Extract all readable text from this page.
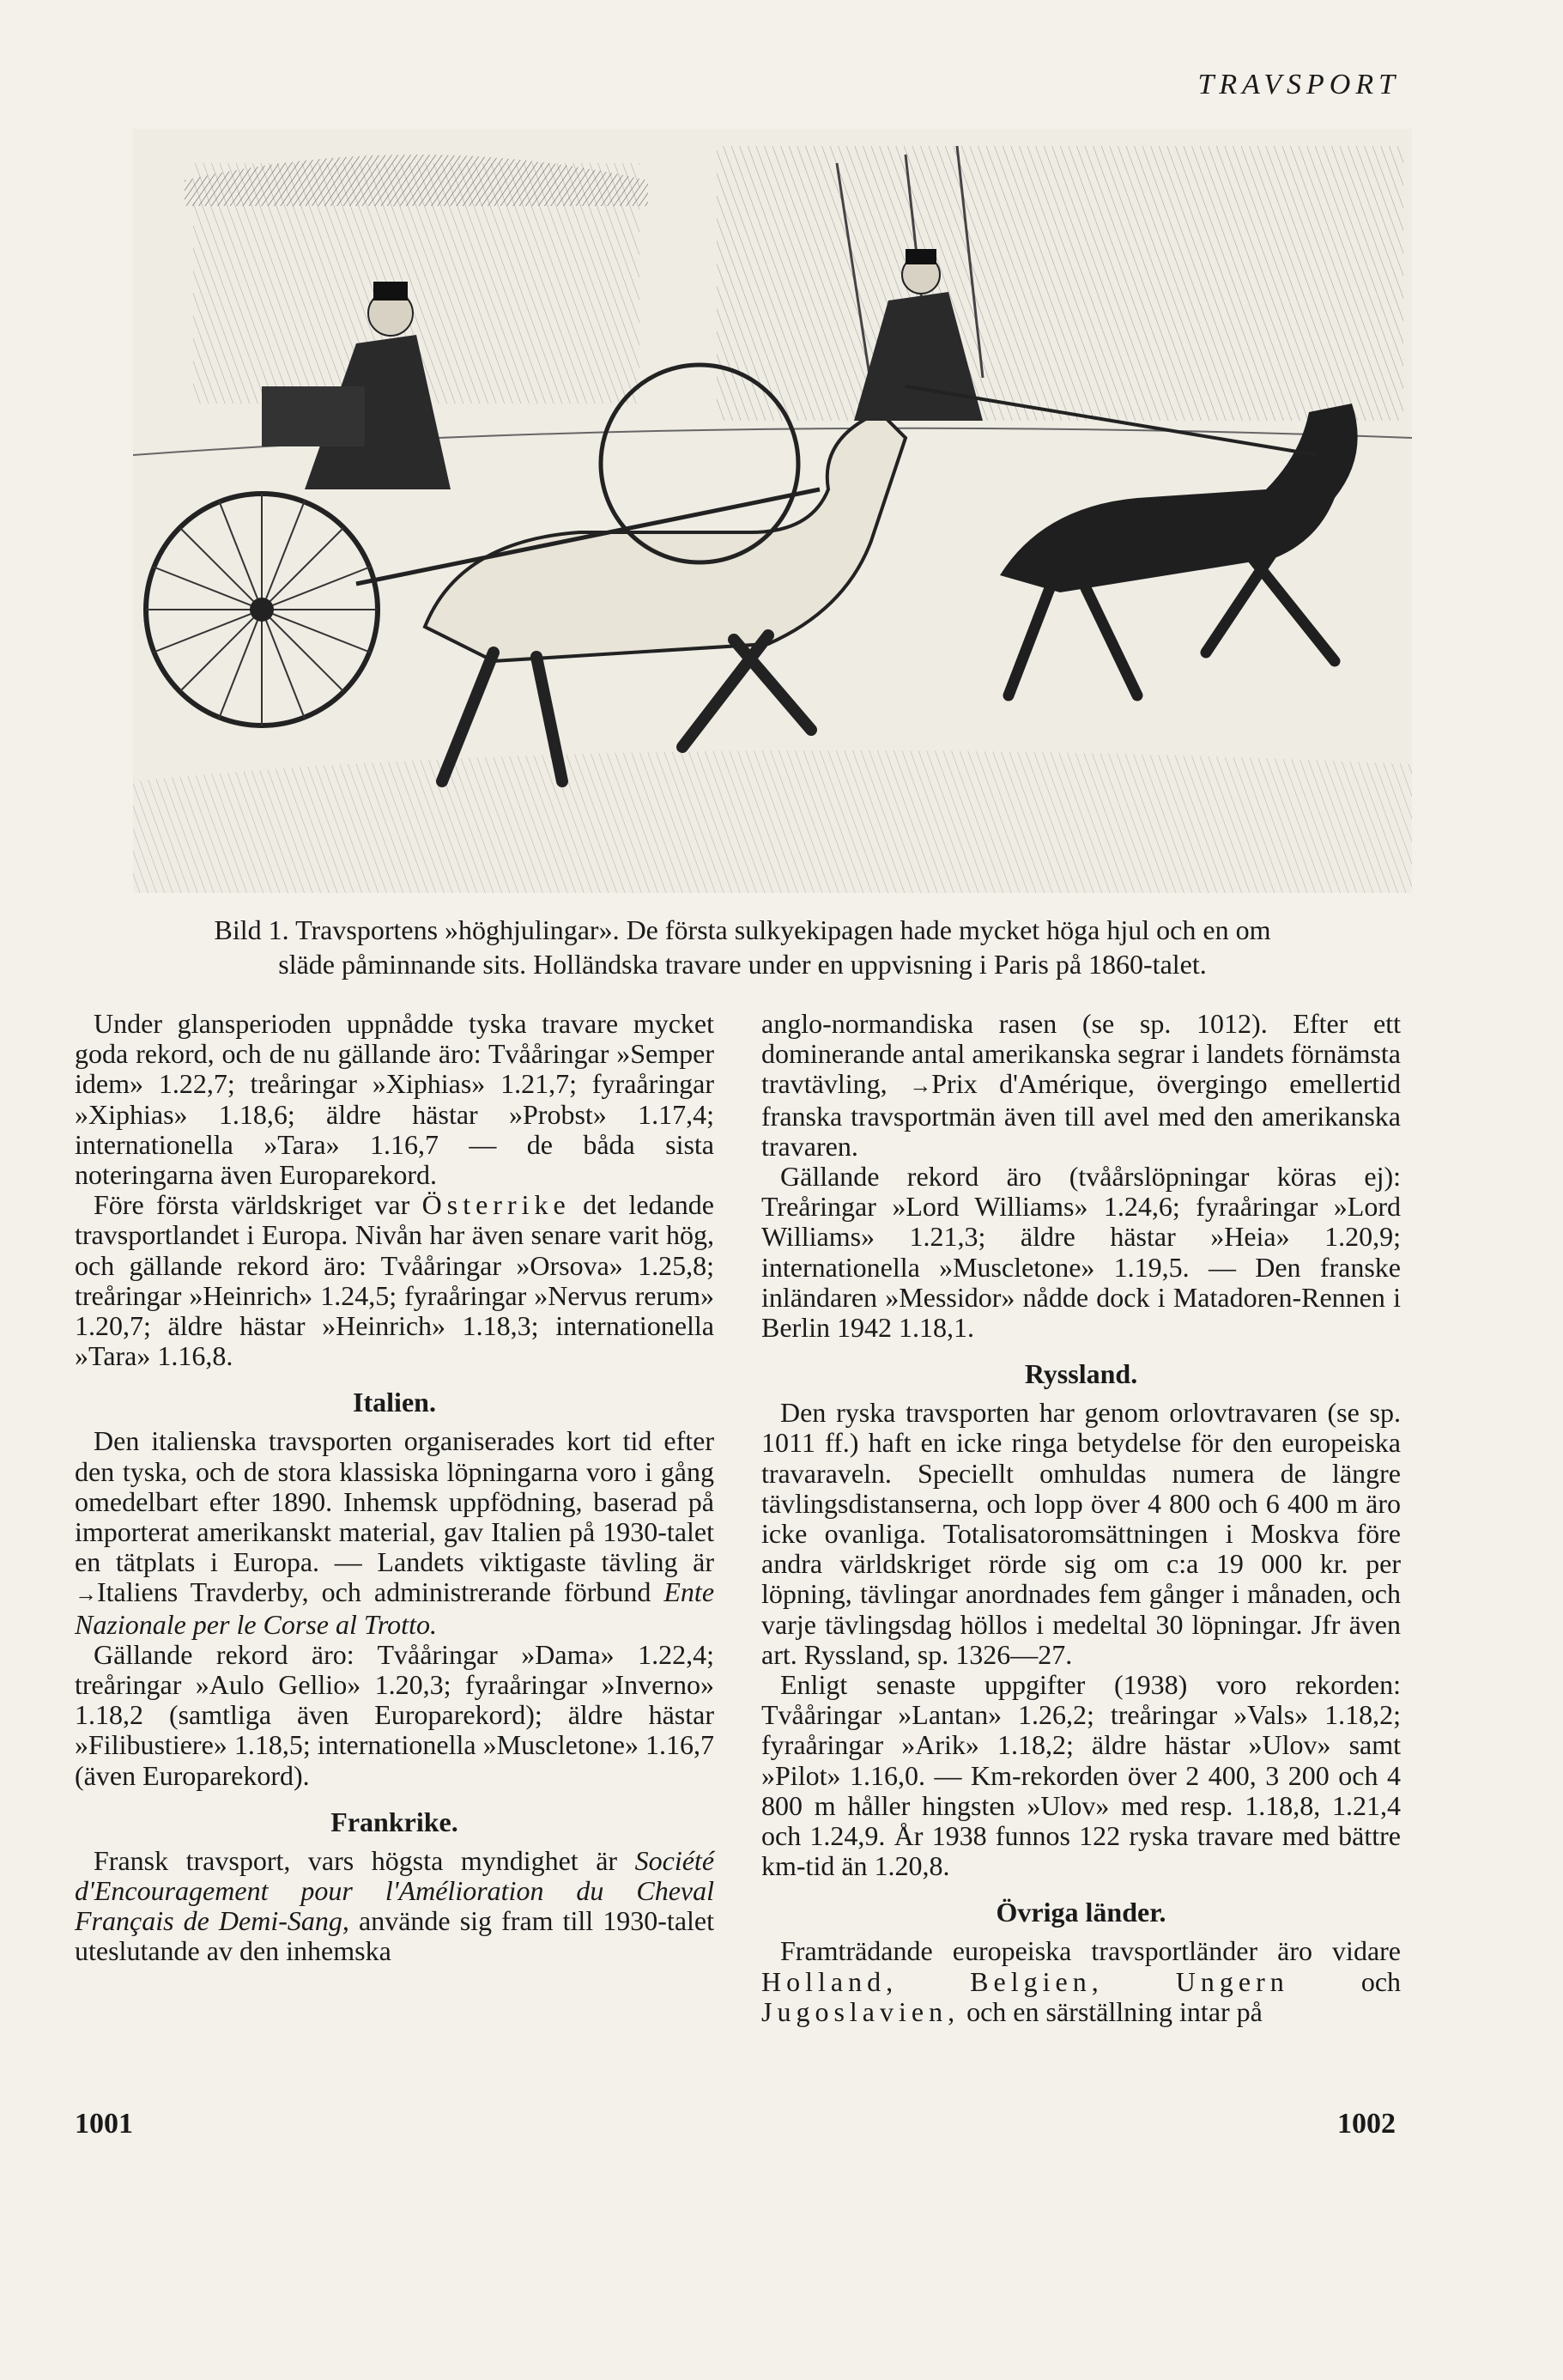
TRAVSPORT
Bild 1. Travsportens »höghjulingar». De första sulkyekipagen hade mycket höga hjul och en om
släde påminnande sits. Holländska travare under en uppvisning i Paris på 1860-talet.

Under glansperioden uppnådde tyska travare mycket goda rekord, och de nu gällande äro: Tvååringar »Semper idem» 1.22,7; treåringar »Xiphias» 1.21,7; fyraåringar »Xiphias» 1.18,6; äldre hästar »Probst» 1.17,4; internationella »Tara» 1.16,7 — de båda sista noteringarna även Europarekord.

Före första världskriget var Österrike det ledande travsportlandet i Europa. Nivån har även senare varit hög, och gällande rekord äro: Tvååringar »Orsova» 1.25,8; treåringar »Heinrich» 1.24,5; fyraåringar »Nervus rerum» 1.20,7; äldre hästar »Heinrich» 1.18,3; internationella »Tara» 1.16,8.

Italien.

Den italienska travsporten organiserades kort tid efter den tyska, och de stora klassiska löpningarna voro i gång omedelbart efter 1890. Inhemsk uppfödning, baserad på importerat amerikanskt material, gav Italien på 1930-talet en tätplats i Europa. — Landets viktigaste tävling är →Italiens Travderby, och administrerande förbund Ente Nazionale per le Corse al Trotto.

Gällande rekord äro: Tvååringar »Dama» 1.22,4; treåringar »Aulo Gellio» 1.20,3; fyraåringar »Inverno» 1.18,2 (samtliga även Europarekord); äldre hästar »Filibustiere» 1.18,5; internationella »Muscletone» 1.16,7 (även Europarekord).

Frankrike.

Fransk travsport, vars högsta myndighet är Société d'Encouragement pour l'Amélioration du Cheval Français de Demi-Sang, använde sig fram till 1930-talet uteslutande av den inhemska

anglo-normandiska rasen (se sp. 1012). Efter ett dominerande antal amerikanska segrar i landets förnämsta travtävling, →Prix d'Amérique, övergingo emellertid franska travsportmän även till avel med den amerikanska travaren.

Gällande rekord äro (tvåårslöpningar köras ej): Treåringar »Lord Williams» 1.24,6; fyraåringar »Lord Williams» 1.21,3; äldre hästar »Heia» 1.20,9; internationella »Muscletone» 1.19,5. — Den franske inländaren »Messidor» nådde dock i Matadoren-Rennen i Berlin 1942 1.18,1.

Ryssland.

Den ryska travsporten har genom orlovtravaren (se sp. 1011 ff.) haft en icke ringa betydelse för den europeiska travaraveln. Speciellt omhuldas numera de längre tävlingsdistanserna, och lopp över 4 800 och 6 400 m äro icke ovanliga. Totalisatoromsättningen i Moskva före andra världskriget rörde sig om c:a 19 000 kr. per löpning, tävlingar anordnades fem gånger i månaden, och varje tävlingsdag höllos i medeltal 30 löpningar. Jfr även art. Ryssland, sp. 1326—27.

Enligt senaste uppgifter (1938) voro rekorden: Tvååringar »Lantan» 1.26,2; treåringar »Vals» 1.18,2; fyraåringar »Arik» 1.18,2; äldre hästar »Ulov» samt »Pilot» 1.16,0. — Km-rekorden över 2 400, 3 200 och 4 800 m håller hingsten »Ulov» med resp. 1.18,8, 1.21,4 och 1.24,9. År 1938 funnos 122 ryska travare med bättre km-tid än 1.20,8.

Övriga länder.

Framträdande europeiska travsportländer äro vidare Holland,	Belgien,	Ungern	och Jugoslavien, och en särställning intar på

1001	1002
